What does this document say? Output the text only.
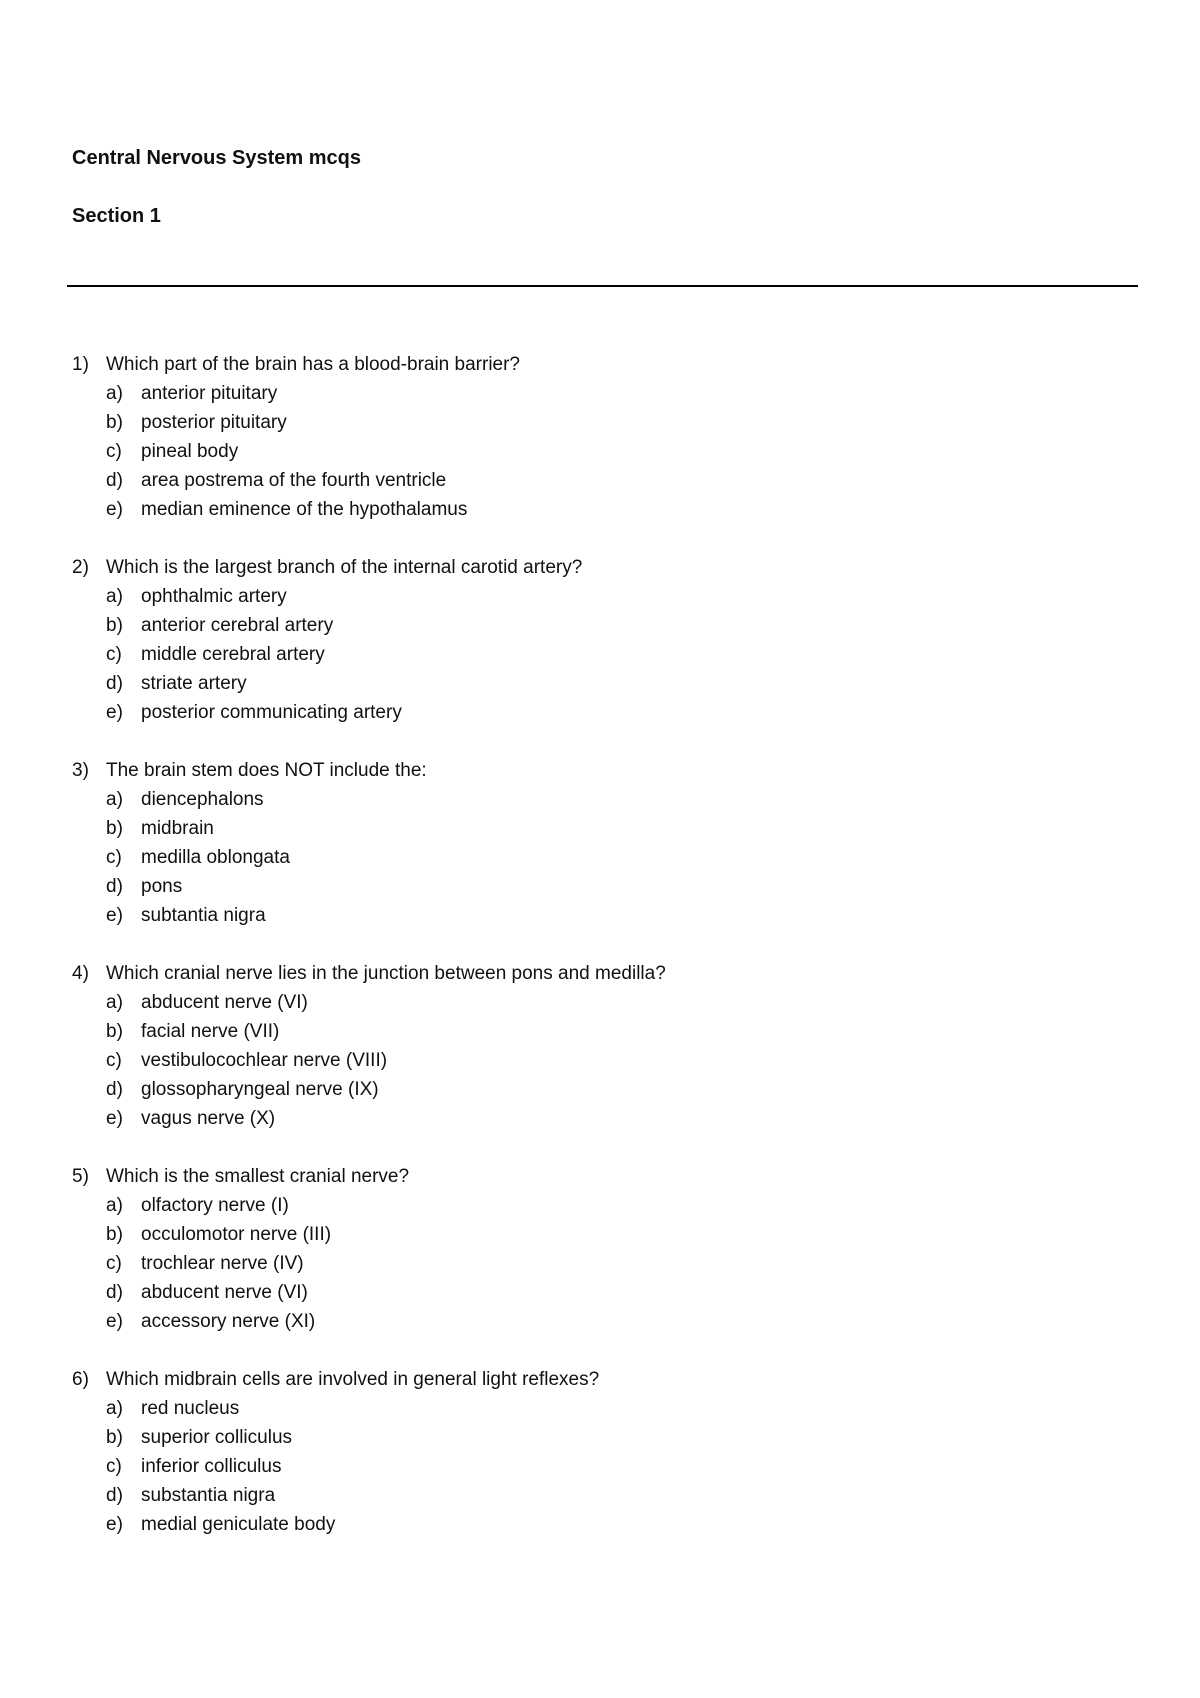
Central Nervous System mcqs
Section 1
1) Which part of the brain has a blood-brain barrier?
a) anterior pituitary
b) posterior pituitary
c) pineal body
d) area postrema of the fourth ventricle
e) median eminence of the hypothalamus
2) Which is the largest branch of the internal carotid artery?
a) ophthalmic artery
b) anterior cerebral artery
c) middle cerebral artery
d) striate artery
e) posterior communicating artery
3) The brain stem does NOT include the:
a) diencephalons
b) midbrain
c) medilla oblongata
d) pons
e) subtantia nigra
4) Which cranial nerve lies in the junction between pons and medilla?
a) abducent nerve (VI)
b) facial nerve (VII)
c) vestibulocochlear nerve (VIII)
d) glossopharyngeal nerve (IX)
e) vagus nerve (X)
5) Which is the smallest cranial nerve?
a) olfactory nerve (I)
b) occulomotor nerve (III)
c) trochlear nerve (IV)
d) abducent nerve (VI)
e) accessory nerve (XI)
6) Which midbrain cells are involved in general light reflexes?
a) red nucleus
b) superior colliculus
c) inferior colliculus
d) substantia nigra
e) medial geniculate body
